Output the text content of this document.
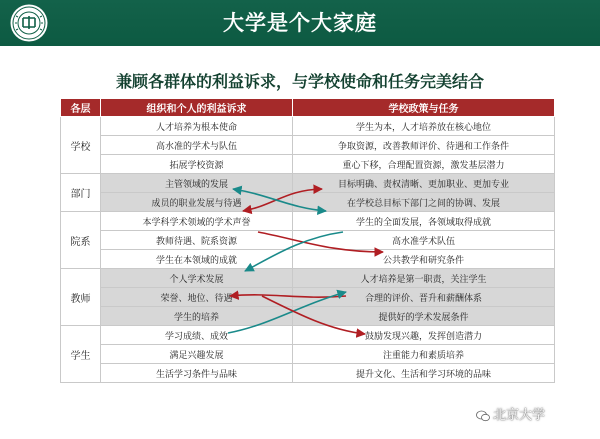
大学是个大家庭
兼顾各群体的利益诉求，与学校使命和任务完美结合
各层	组织和个人的利益诉求	学校政策与任务
学校	人才培养为根本使命	学生为本，人才培养放在核心地位
	高水准的学术与队伍	争取资源，改善教师评价、待遇和工作条件
	拓展学校资源	重心下移，合理配置资源，激发基层潜力
部门	主管领域的发展	目标明确、责权清晰、更加职业、更加专业
	成员的职业发展与待遇	在学校总目标下部门之间的协调、发展
院系	本学科学术领域的学术声誉	学生的全面发展，各领域取得成就
	教师待遇、院系资源	高水准学术队伍
	学生在本领域的成就	公共教学和研究条件
教师	个人学术发展	人才培养是第一职责，关注学生
	荣誉、地位、待遇	合理的评价、晋升和薪酬体系
	学生的培养	提供好的学术发展条件
学生	学习成绩、成效	鼓励发现兴趣，发挥创造潜力
	满足兴趣发展	注重能力和素质培养
	生活学习条件与品味	提升文化、生活和学习环境的品味
北京大学
